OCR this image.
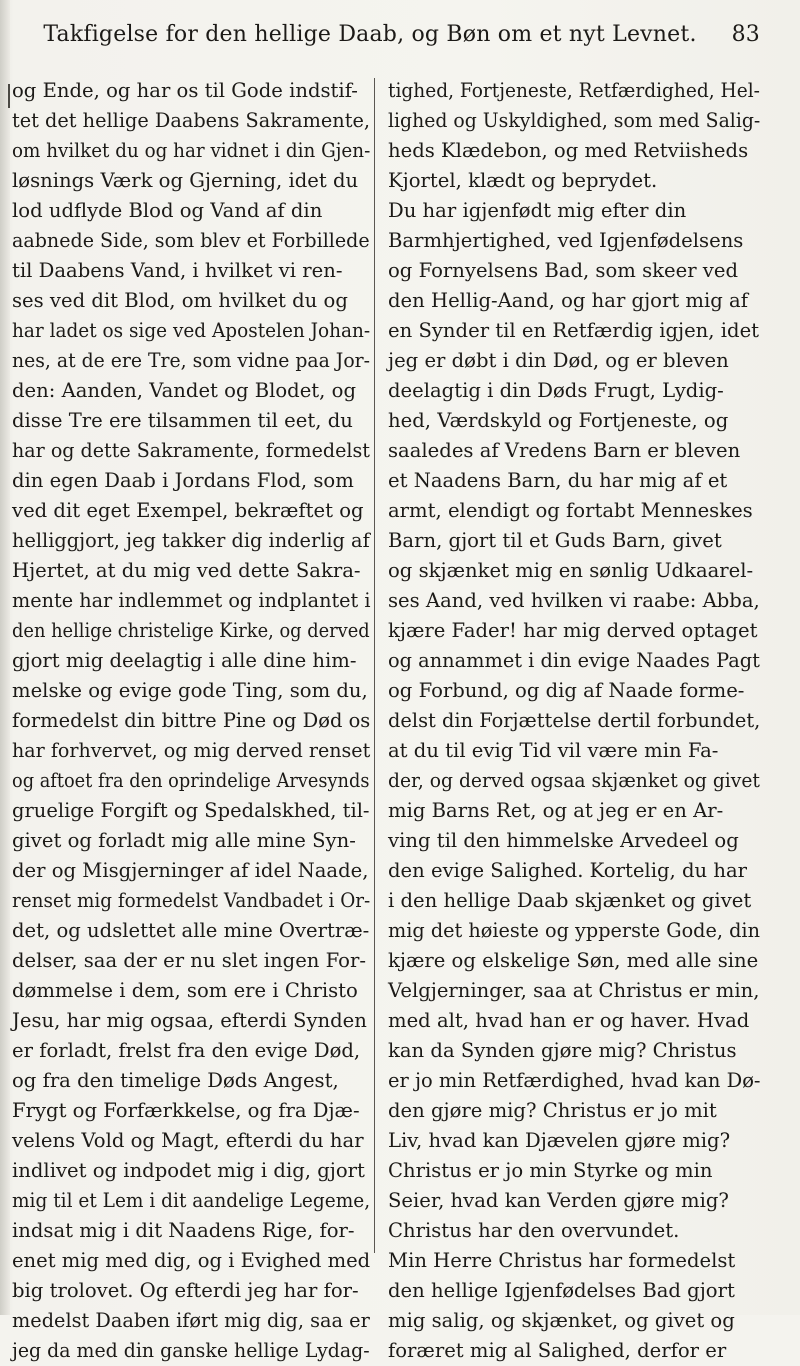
Takfigelse for den hellige Daab, og Bøn om et nyt Levnet.	83
og Ende, og har os til Gode indstif-
tet det hellige Daabens Sakramente,
om hvilket du og har vidnet i din Gjen-
løsnings Værk og Gjerning, idet du
lod udflyde Blod og Vand af din
aabnede Side, som blev et Forbillede
til Daabens Vand, i hvilket vi ren-
ses ved dit Blod, om hvilket du og
har ladet os sige ved Apostelen Johan-
nes, at de ere Tre, som vidne paa Jor-
den: Aanden, Vandet og Blodet, og
disse Tre ere tilsammen til eet, du
har og dette Sakramente, formedelst
din egen Daab i Jordans Flod, som
ved dit eget Exempel, bekræftet og
helliggjort, jeg takker dig inderlig af
Hjertet, at du mig ved dette Sakra-
mente har indlemmet og indplantet i
den hellige christelige Kirke, og derved
gjort mig deelagtig i alle dine him-
melske og evige gode Ting, som du,
formedelst din bittre Pine og Død os
har forhvervet, og mig derved renset
og aftoet fra den oprindelige Arvesynds
gruelige Forgift og Spedalskhed, til-
givet og forladt mig alle mine Syn-
der og Misgjerninger af idel Naade,
renset mig formedelst Vandbadet i Or-
det, og udslettet alle mine Overtræ-
delser, saa der er nu slet ingen For-
dømmelse i dem, som ere i Christo
Jesu, har mig ogsaa, efterdi Synden
er forladt, frelst fra den evige Død,
og fra den timelige Døds Angest,
Frygt og Forfærkkelse, og fra Djæ-
velens Vold og Magt, efterdi du har
indlivet og indpodet mig i dig, gjort
mig til et Lem i dit aandelige Legeme,
indsat mig i dit Naadens Rige, for-
enet mig med dig, og i Evighed med
big trolovet. Og efterdi jeg har for-
medelst Daaben iført mig dig, saa er
jeg da med din ganske hellige Lydag-
tighed, Fortjeneste, Retfærdighed, Hel-
lighed og Uskyldighed, som med Salig-
heds Klædebon, og med Retviisheds
Kjortel, klædt og beprydet.
Du har igjenfødt mig efter din
Barmhjertighed, ved Igjenfødelsens
og Fornyelsens Bad, som skeer ved
den Hellig-Aand, og har gjort mig af
en Synder til en Retfærdig igjen, idet
jeg er døbt i din Død, og er bleven
deelagtig i din Døds Frugt, Lydig-
hed, Værdskyld og Fortjeneste, og
saaledes af Vredens Barn er bleven
et Naadens Barn, du har mig af et
armt, elendigt og fortabt Menneskes
Barn, gjort til et Guds Barn, givet
og skjænket mig en sønlig Udkaarel-
ses Aand, ved hvilken vi raabe: Abba,
kjære Fader! har mig derved optaget
og annammet i din evige Naades Pagt
og Forbund, og dig af Naade forme-
delst din Forjættelse dertil forbundet,
at du til evig Tid vil være min Fa-
der, og derved ogsaa skjænket og givet
mig Barns Ret, og at jeg er en Ar-
ving til den himmelske Arvedeel og
den evige Salighed. Kortelig, du har
i den hellige Daab skjænket og givet
mig det høieste og ypperste Gode, din
kjære og elskelige Søn, med alle sine
Velgjerninger, saa at Christus er min,
med alt, hvad han er og haver. Hvad
kan da Synden gjøre mig? Christus
er jo min Retfærdighed, hvad kan Dø-
den gjøre mig? Christus er jo mit
Liv, hvad kan Djævelen gjøre mig?
Christus er jo min Styrke og min
Seier, hvad kan Verden gjøre mig?
Christus har den overvundet.
Min Herre Christus har formedelst
den hellige Igjenfødelses Bad gjort
mig salig, og skjænket, og givet og
foræret mig al Salighed, derfor er
